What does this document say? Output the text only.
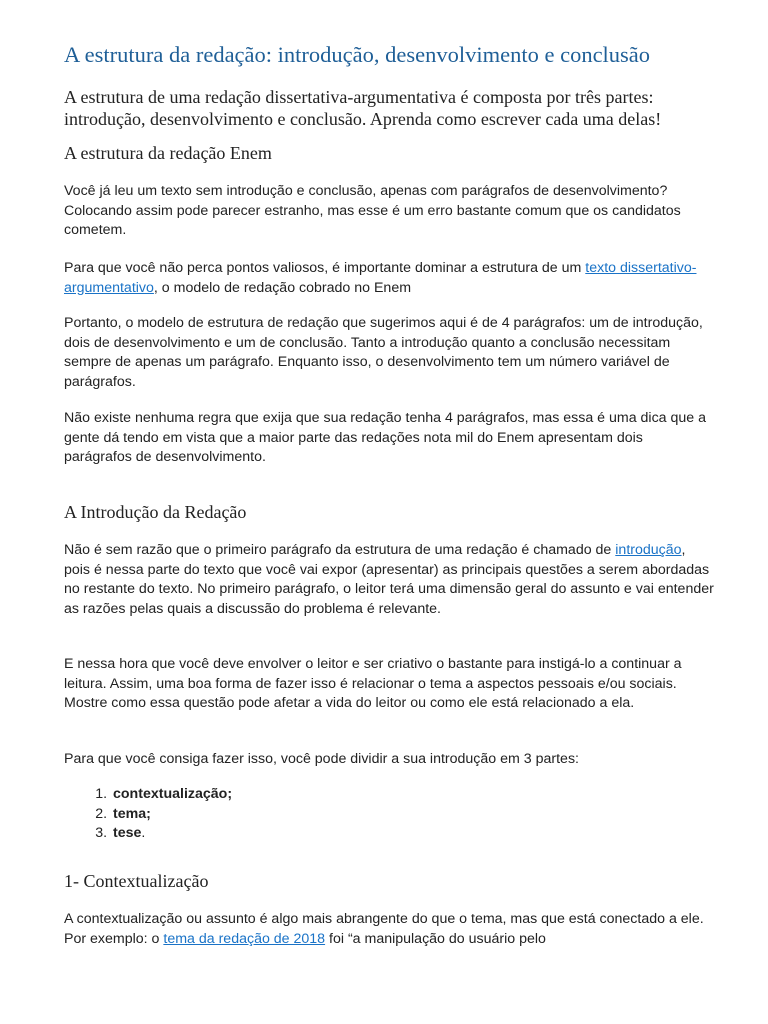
A estrutura da redação: introdução, desenvolvimento e conclusão

A estrutura de uma redação dissertativa-argumentativa é composta por três partes: introdução, desenvolvimento e conclusão. Aprenda como escrever cada uma delas!

A estrutura da redação Enem

Você já leu um texto sem introdução e conclusão, apenas com parágrafos de desenvolvimento? Colocando assim pode parecer estranho, mas esse é um erro bastante comum que os candidatos cometem.

Para que você não perca pontos valiosos, é importante dominar a estrutura de um texto dissertativo-argumentativo, o modelo de redação cobrado no Enem

Portanto, o modelo de estrutura de redação que sugerimos aqui é de 4 parágrafos: um de introdução, dois de desenvolvimento e um de conclusão. Tanto a introdução quanto a conclusão necessitam sempre de apenas um parágrafo. Enquanto isso, o desenvolvimento tem um número variável de parágrafos.

Não existe nenhuma regra que exija que sua redação tenha 4 parágrafos, mas essa é uma dica que a gente dá tendo em vista que a maior parte das redações nota mil do Enem apresentam dois parágrafos de desenvolvimento.

A Introdução da Redação

Não é sem razão que o primeiro parágrafo da estrutura de uma redação é chamado de introdução, pois é nessa parte do texto que você vai expor (apresentar) as principais questões a serem abordadas no restante do texto. No primeiro parágrafo, o leitor terá uma dimensão geral do assunto e vai entender as razões pelas quais a discussão do problema é relevante.

E nessa hora que você deve envolver o leitor e ser criativo o bastante para instigá-lo a continuar a leitura. Assim, uma boa forma de fazer isso é relacionar o tema a aspectos pessoais e/ou sociais. Mostre como essa questão pode afetar a vida do leitor ou como ele está relacionado a ela.

Para que você consiga fazer isso, você pode dividir a sua introdução em 3 partes:

1. contextualização;
2. tema;
3. tese.
1- Contextualização

A contextualização ou assunto é algo mais abrangente do que o tema, mas que está conectado a ele. Por exemplo: o tema da redação de 2018 foi “a manipulação do usuário pelo
